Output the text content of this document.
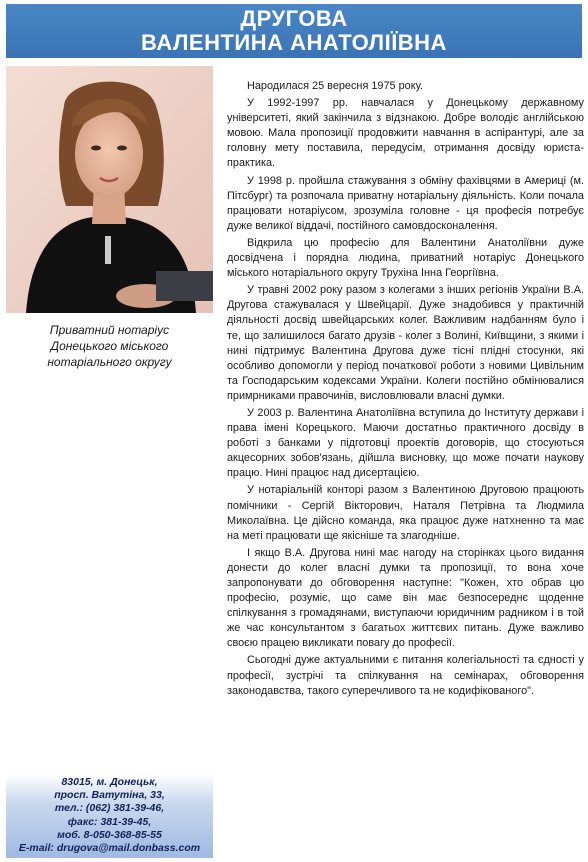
ДРУГОВА
ВАЛЕНТИНА АНАТОЛІЇВНА
Приватний нотаріус
Донецького міського
нотаріального округу
83015, м. Донецьк,
просп. Ватутіна, 33,
тел.: (062) 381-39-46,
факс: 381-39-45,
моб. 8-050-368-85-55
E-mail: drugova@mail.donbass.com

Народилася 25 вересня 1975 року.

У 1992-1997 рр. навчалася у Донецькому державному університеті, який закінчила з відзнакою. Добре володіє англійською мовою. Мала пропозиції продовжити навчання в аспірантурі, але за головну мету поставила, передусім, отримання досвіду юриста-практика.

У 1998 р. пройшла стажування з обміну фахівцями в Америці (м. Пітсбург) та розпочала приватну нотаріальну діяльність. Коли почала працювати нотаріусом, зрозуміла головне - ця професія потребує дуже великої віддачі, постійного самовдосконалення.

Відкрила цю професію для Валентини Анатоліївни дуже досвідчена і порядна людина, приватний нотаріус Донецького міського нотаріального округу Трухіна Інна Георгіївна.

У травні 2002 року разом з колегами з інших регіонів України В.А. Другова стажувалася у Швейцарії. Дуже знадобився у практичній діяльності досвід швейцарських колег. Важливим надбанням було і те, що залишилося багато друзів - колег з Волині, Київщини, з якими і нині підтримує Валентина Другова дуже тісні плідні стосунки, які особливо допомогли у період початкової роботи з новими Цивільним та Господарським кодексами України. Колеги постійно обмінювалися примрниками правочинів, висловлювали власні думки.

У 2003 р. Валентина Анатоліївна вступила до Інституту держави і права імені Корецького. Маючи достатньо практичного досвіду в роботі з банками у підготовці проектів договорів, що стосуються акцесорних зобов'язань, дійшла висновку, що може почати наукову працю. Нині працює над дисертацією.

У нотаріальній конторі разом з Валентиною Друговою працюють помічники - Сергій Вікторович, Наталя Петрівна та Людмила Миколаївна. Це дійсно команда, яка працює дуже натхненно та має на меті працювати ще якісніше та злагодніше.

І якщо В.А. Другова нині має нагоду на сторінках цього видання донести до колег власні думки та пропозиції, то вона хоче запропонувати до обговорення наступне: "Кожен, хто обрав цю професію, розуміє, що саме він має безпосереднє щоденне спілкування з громадянами, виступаючи юридичним радником і в той же час консультантом з багатьох життєвих питань. Дуже важливо своєю працею викликати повагу до професії.

Сьогодні дуже актуальними є питання колегіальності та єдності у професії, зустрічі та спілкування на семінарах, обговорення законодавства, такого суперечливого та не кодифікованого".
